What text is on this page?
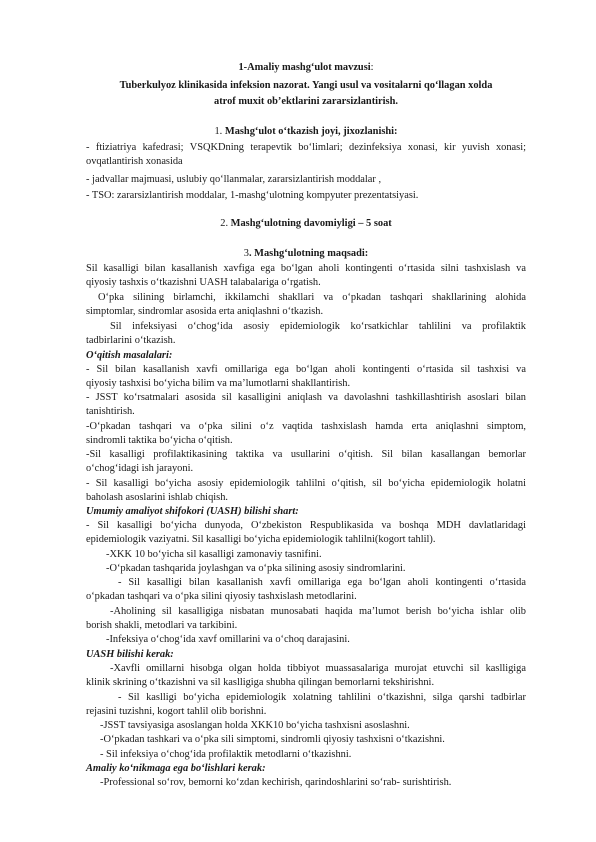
1-Amaliy mashg‘ulot mavzusi:
Tuberkulyoz klinikasida infeksion nazorat. Yangi usul va vositalarni qo‘llagan xolda
atrof muxit ob’ektlarini zararsizlantirish.
1. Mashg‘ulot o‘tkazish joyi, jixozlanishi:
- ftiziatriya kafedrasi; VSQKDning terapevtik bo‘limlari; dezinfeksiya xonasi, kir yuvish xonasi;
ovqatlantirish xonasida
- jadvallar majmuasi, uslubiy qo‘llanmalar, zararsizlantirish moddalar ,
- TSO: zararsizlantirish moddalar, 1-mashg‘ulotning kompyuter prezentatsiyasi.
2. Mashg‘ulotning davomiyligi – 5 soat
3. Mashg‘ulotning maqsadi:
Sil kasalligi bilan kasallanish xavfiga ega bo‘lgan aholi kontingenti o‘rtasida silni tashxislash va
qiyosiy tashxis o‘tkazishni UASH talabalariga o‘rgatish.
O‘pka silining birlamchi, ikkilamchi shakllari va o‘pkadan tashqari shakllarining alohida
simptomlar, sindromlar asosida erta aniqlashni o‘tkazish.
Sil infeksiyasi o‘chog‘ida asosiy epidemiologik ko‘rsatkichlar tahlilini va profilaktik
tadbirlarini o‘tkazish.
O‘qitish masalalari:
- Sil bilan kasallanish xavfi omillariga ega bo‘lgan aholi kontingenti o‘rtasida sil tashxisi va
qiyosiy tashxisi bo‘yicha bilim va ma’lumotlarni shakllantirish.
- JSST ko‘rsatmalari asosida sil kasalligini aniqlash va davolashni tashkillashtirish asoslari bilan
tanishtirish.
-O‘pkadan tashqari va o‘pka silini o‘z vaqtida tashxislash hamda erta aniqlashni simptom,
sindromli taktika bo‘yicha o‘qitish.
-Sil kasalligi profilaktikasining taktika va usullarini o‘qitish. Sil bilan kasallangan bemorlar
o‘chog‘idagi ish jarayoni.
- Sil kasalligi bo‘yicha asosiy epidemiologik tahlilni o‘qitish, sil bo‘yicha epidemiologik holatni
baholash asoslarini ishlab chiqish.
Umumiy amaliyot shifokori (UASH) bilishi shart:
- Sil kasalligi bo‘yicha dunyoda, O‘zbekiston Respublikasida va boshqa MDH davlatlaridagi
epidemiologik vaziyatni. Sil kasalligi bo‘yicha epidemiologik tahlilni(kogort tahlil).
-XKK 10 bo‘yicha sil kasalligi zamonaviy tasnifini.
-O‘pkadan tashqarida joylashgan va o‘pka silining asosiy sindromlarini.
- Sil kasalligi bilan kasallanish xavfi omillariga ega bo‘lgan aholi kontingenti o‘rtasida
o‘pkadan tashqari va o‘pka silini qiyosiy tashxislash metodlarini.
-Aholining sil kasalligiga nisbatan munosabati haqida ma’lumot berish bo‘yicha ishlar olib
borish shakli, metodlari va tarkibini.
-Infeksiya o‘chog‘ida xavf omillarini va o‘choq darajasini.
UASH bilishi kerak:
-Xavfli omillarni hisobga olgan holda tibbiyot muassasalariga murojat etuvchi sil kaslligiga
klinik skrining o‘tkazishni va sil kaslligiga shubha qilingan bemorlarni tekshirishni.
- Sil kaslligi bo‘yicha epidemiologik xolatning tahlilini o‘tkazishni, silga qarshi tadbirlar
rejasini tuzishni, kogort tahlil olib borishni.
-JSST tavsiyasiga asoslangan holda XKK10 bo‘yicha tashxisni asoslashni.
-O‘pkadan tashkari va o‘pka sili simptomi, sindromli qiyosiy tashxisni o‘tkazishni.
- Sil infeksiya o‘chog‘ida profilaktik metodlarni o‘tkazishni.
Amaliy ko‘nikmaga ega bo‘lishlari kerak:
-Professional so‘rov, bemorni ko‘zdan kechirish, qarindoshlarini so‘rab- surishtirish.
